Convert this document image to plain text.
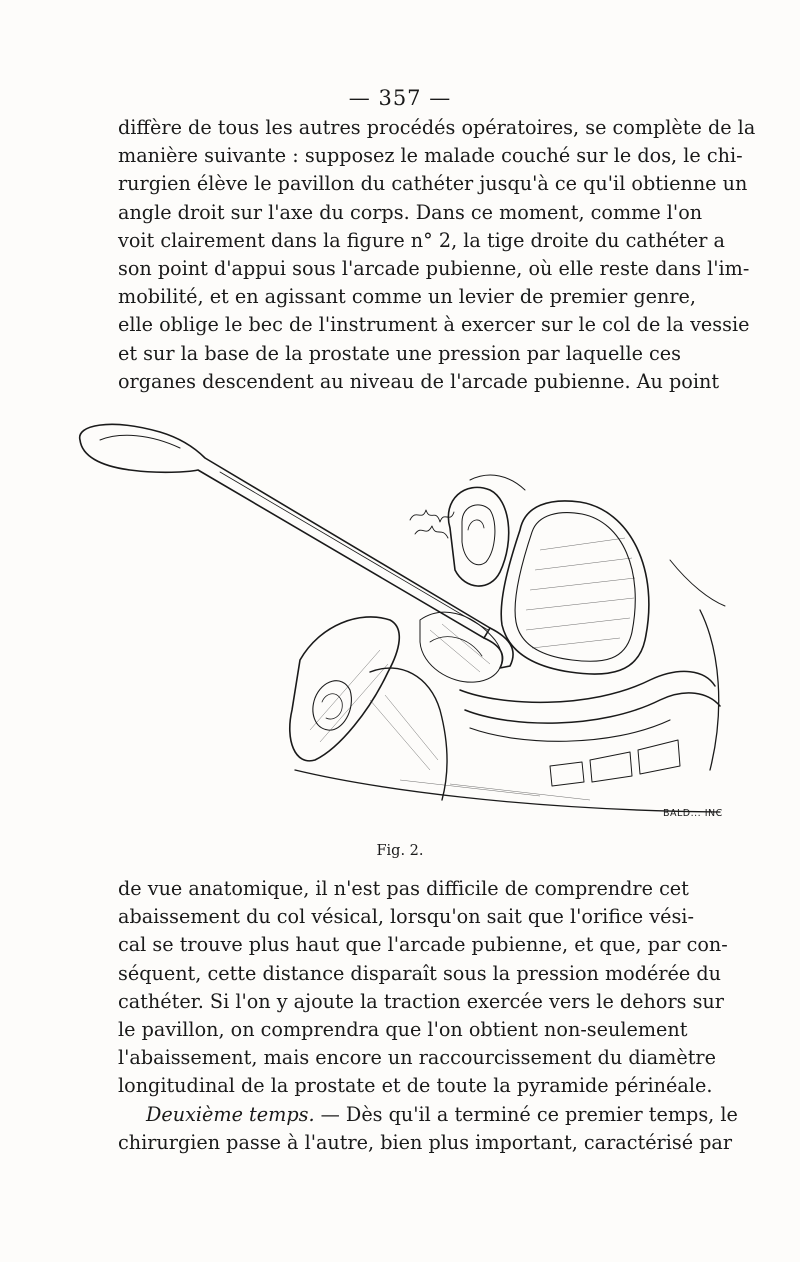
— 357 —
diffère de tous les autres procédés opératoires, se complète de la
manière suivante : supposez le malade couché sur le dos, le chi-
rurgien élève le pavillon du cathéter jusqu'à ce qu'il obtienne un
angle droit sur l'axe du corps. Dans ce moment, comme l'on
voit clairement dans la figure n° 2, la tige droite du cathéter a
son point d'appui sous l'arcade pubienne, où elle reste dans l'im-
mobilité, et en agissant comme un levier de premier genre,
elle oblige le bec de l'instrument à exercer sur le col de la vessie
et sur la base de la prostate une pression par laquelle ces
organes descendent au niveau de l'arcade pubienne. Au point
BALD... INC
Fig. 2.
de vue anatomique, il n'est pas difficile de comprendre cet
abaissement du col vésical, lorsqu'on sait que l'orifice vési-
cal se trouve plus haut que l'arcade pubienne, et que, par con-
séquent, cette distance disparaît sous la pression modérée du
cathéter. Si l'on y ajoute la traction exercée vers le dehors sur
le pavillon, on comprendra que l'on obtient non-seulement
l'abaissement, mais encore un raccourcissement du diamètre
longitudinal de la prostate et de toute la pyramide périnéale.
Deuxième temps. — Dès qu'il a terminé ce premier temps, le
chirurgien passe à l'autre, bien plus important, caractérisé par
